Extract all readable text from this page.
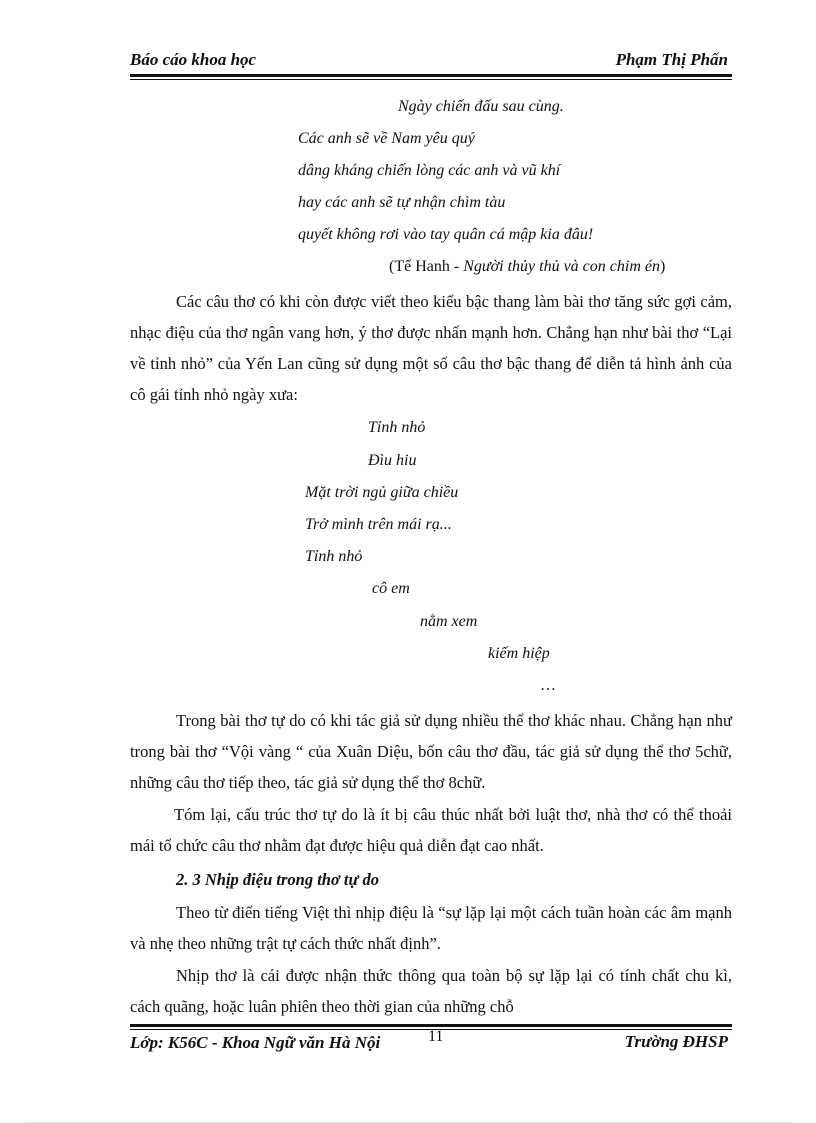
Báo cáo khoa học	Phạm Thị Phấn
Ngày chiến đấu sau cùng.
Các anh sẽ về Nam yêu quý
dâng kháng chiến lòng các anh và vũ khí
hay các anh sẽ tự nhận chìm tàu
quyết không rơi vào tay quân cá mập kia đâu!
(Tế Hanh - Người thủy thủ và con chim én)
Các câu thơ có khi còn được viết theo kiểu bậc thang làm bài thơ tăng sức gợi cảm, nhạc điệu của thơ ngân vang hơn, ý thơ được nhấn mạnh hơn. Chẳng hạn như bài thơ “Lại về tỉnh nhỏ” của Yến Lan cũng sử dụng một số câu thơ bậc thang để diễn tả hình ảnh của cô gái tỉnh nhỏ ngày xưa:
Tỉnh nhỏ
Đìu hiu
Mặt trời ngủ giữa chiều
Trở mình trên mái rạ...
Tỉnh nhỏ
cô em
nằm xem
kiếm hiệp
…
Trong bài thơ tự do có khi tác giả sử dụng nhiều thể thơ khác nhau. Chẳng hạn như trong bài thơ “Vội vàng “ của Xuân Diệu, bốn câu thơ đầu, tác giả sử dụng thể thơ 5chữ, những câu thơ tiếp theo, tác giả sử dụng thể thơ 8chữ.
Tóm lại, cấu trúc thơ tự do là ít bị câu thúc nhất bởi luật thơ, nhà thơ có thể thoải mái tổ chức câu thơ nhằm đạt được hiệu quả diễn đạt cao nhất.
2. 3 Nhịp điệu trong thơ tự do
Theo từ điển tiếng Việt thì nhịp điệu là “sự lặp lại một cách tuần hoàn các âm mạnh và nhẹ theo những trật tự cách thức nhất định”.
Nhịp thơ là cái được nhận thức thông qua toàn bộ sự lặp lại có tính chất chu kì, cách quãng, hoặc luân phiên theo thời gian của những chỗ
Lớp: K56C - Khoa Ngữ văn Hà Nội	11	Trường ĐHSP
